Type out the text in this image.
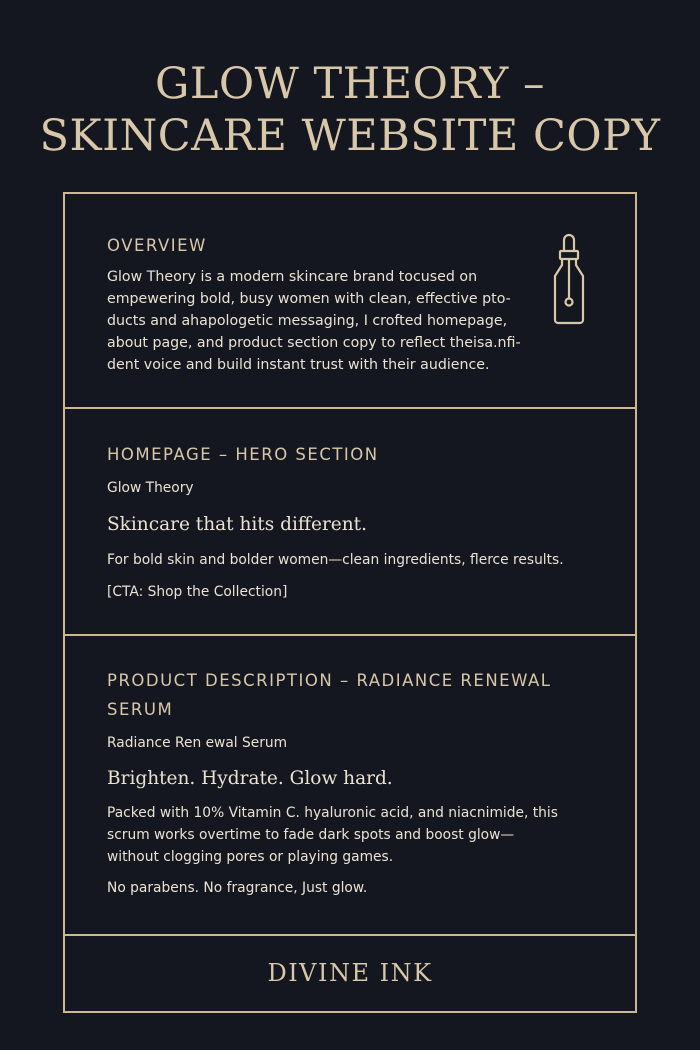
GLOW THEORY –
SKINCARE WEBSITE COPY
OVERVIEW

Glow Theory is a modern skincare brand tocused on

empewering bold, busy women with clean, effective pto-

ducts and ahapologetic messaging, I crofted homepage,

about page, and product section copy to reflect theisa.nfi-

dent voice and build instant trust with their audience.

HOMEPAGE – HERO SECTION

Glow Theory

Skincare that hits different.

For bold skin and bolder women—clean ingredients, flerce results.

[CTA: Shop the Collection]

PRODUCT DESCRIPTION – RADIANCE RENEWAL
SERUM

Radiance Ren ewal Serum

Brighten. Hydrate. Glow hard.

Packed with 10% Vitamin C. hyaluronic acid, and niacnimide, this

scrum works overtime to fade dark spots and boost glow—

without clogging pores or playing games.

No parabens. No fragrance, Just glow.

DIVINE INK
